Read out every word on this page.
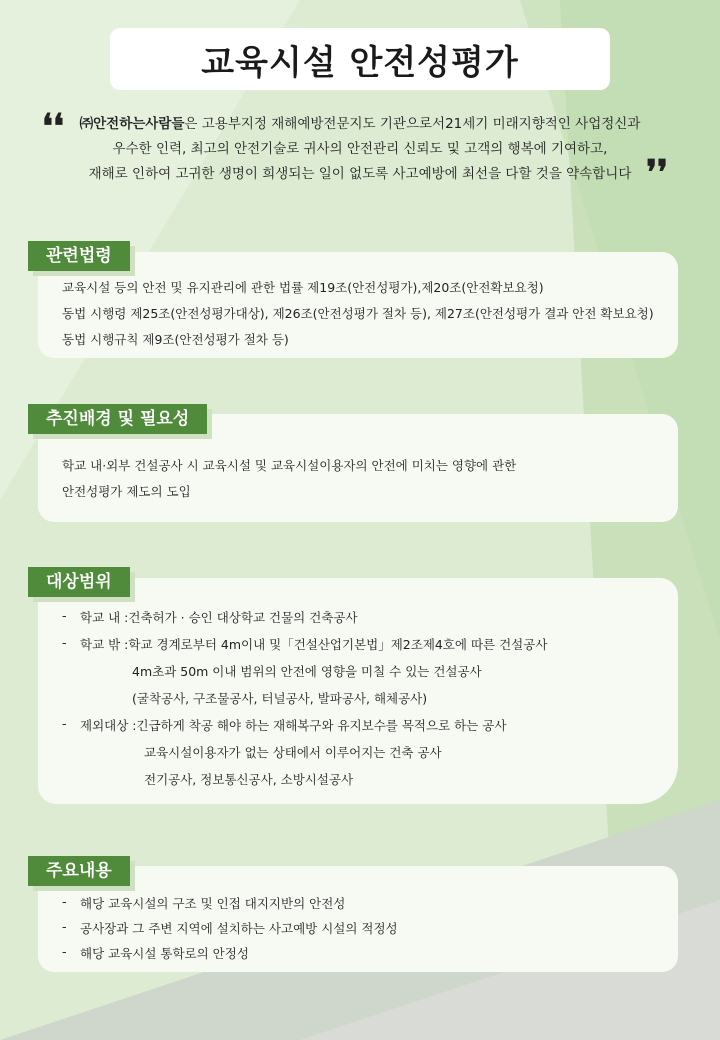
교육시설 안전성평가
❛❛	㈜안전하는사람들은 고용부지정 재해예방전문지도 기관으로서21세기 미래지향적인 사업정신과
우수한 인력, 최고의 안전기술로 귀사의 안전관리 신뢰도 및 고객의 행복에 기여하고,
재해로 인하여 고귀한 생명이 희생되는 일이 없도록 사고예방에 최선을 다할 것을 약속합니다 ❜❜
교육시설 등의 안전 및 유지관리에 관한 법률 제19조(안전성평가),제20조(안전확보요청)
동법 시행령 제25조(안전성평가대상), 제26조(안전성평가 절차 등), 제27조(안전성평가 결과 안전 확보요청)
동법 시행규칙 제9조(안전성평가 절차 등)
관련법령
학교 내·외부 건설공사 시 교육시설 및 교육시설이용자의 안전에 미치는 영향에 관한
안전성평가 제도의 도입
추진배경 및 필요성
-	학교 내 : 건축허가 · 승인 대상학교 건물의 건축공사
-	학교 밖 : 학교 경계로부터 4m이내 및「건설산업기본법」제2조제4호에 따른 건설공사
4m초과 50m 이내 범위의 안전에 영향을 미칠 수 있는 건설공사
(굴착공사, 구조물공사, 터널공사, 발파공사, 해체공사)
-	제외대상 : 긴급하게 착공 해야 하는 재해복구와 유지보수를 목적으로 하는 공사
교육시설이용자가 없는 상태에서 이루어지는 건축 공사
전기공사, 정보통신공사, 소방시설공사
대상범위
-	해당 교육시설의 구조 및 인접 대지지반의 안전성
-	공사장과 그 주변 지역에 설치하는 사고예방 시설의 적정성
-	해당 교육시설 통학로의 안정성
주요내용
